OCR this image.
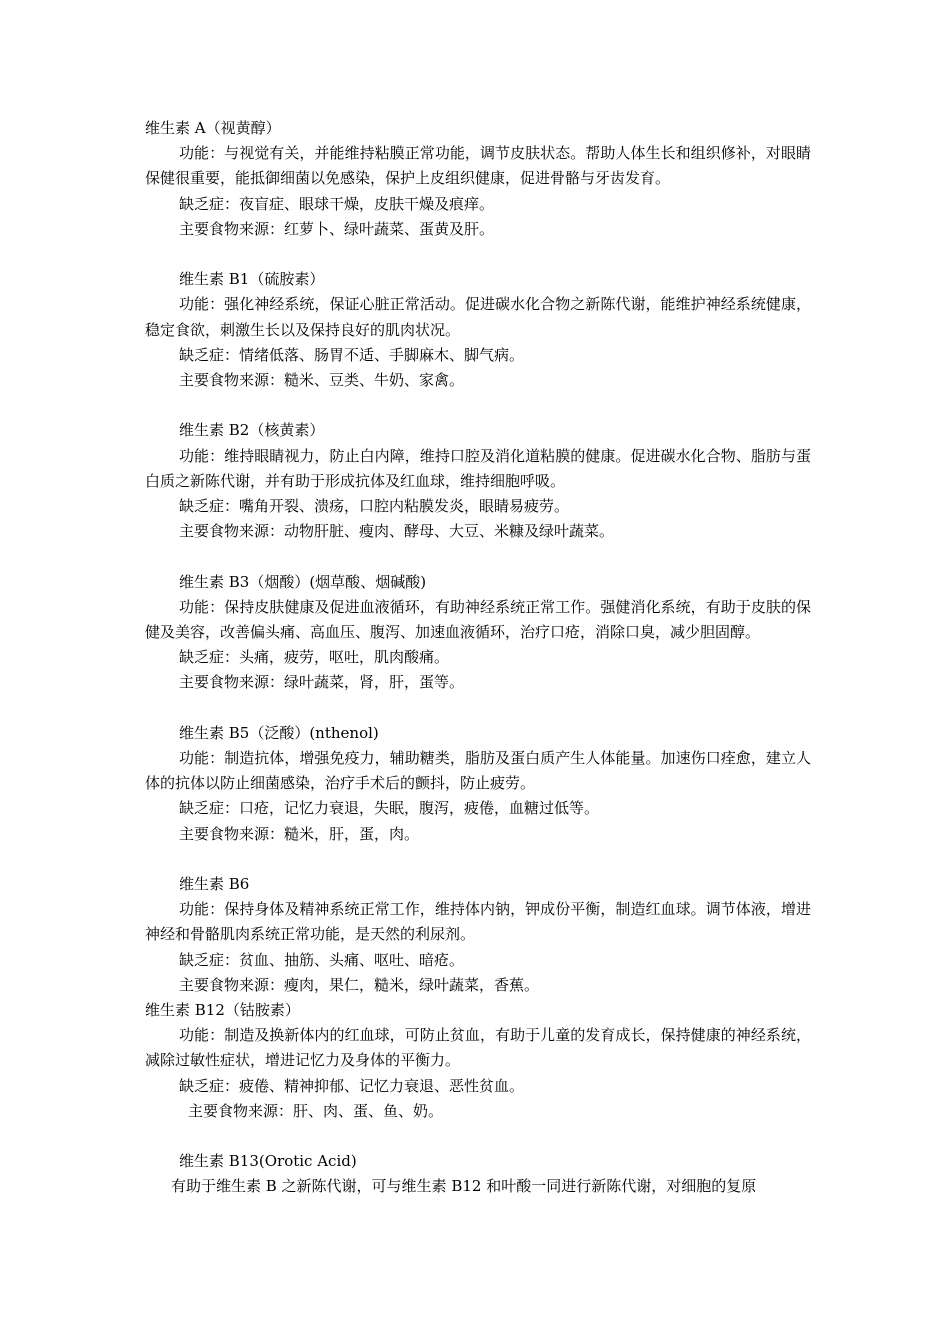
维生素 A（视黄醇）

功能：与视觉有关，并能维持粘膜正常功能，调节皮肤状态。帮助人体生长和组织修补，对眼睛保健很重要，能抵御细菌以免感染，保护上皮组织健康，促进骨骼与牙齿发育。

缺乏症：夜盲症、眼球干燥，皮肤干燥及痕痒。

主要食物来源：红萝卜、绿叶蔬菜、蛋黄及肝。

维生素 B1（硫胺素）

功能：强化神经系统，保证心脏正常活动。促进碳水化合物之新陈代谢，能维护神经系统健康，稳定食欲，刺激生长以及保持良好的肌肉状况。

缺乏症：情绪低落、肠胃不适、手脚麻木、脚气病。

主要食物来源：糙米、豆类、牛奶、家禽。

维生素 B2（核黄素）

功能：维持眼睛视力，防止白内障，维持口腔及消化道粘膜的健康。促进碳水化合物、脂肪与蛋白质之新陈代谢，并有助于形成抗体及红血球，维持细胞呼吸。

缺乏症：嘴角开裂、溃疡，口腔内粘膜发炎，眼睛易疲劳。

主要食物来源：动物肝脏、瘦肉、酵母、大豆、米糠及绿叶蔬菜。

维生素 B3（烟酸）(烟草酸、烟碱酸)

功能：保持皮肤健康及促进血液循环，有助神经系统正常工作。强健消化系统，有助于皮肤的保健及美容，改善偏头痛、高血压、腹泻、加速血液循环，治疗口疮，消除口臭，减少胆固醇。

缺乏症：头痛，疲劳，呕吐，肌肉酸痛。

主要食物来源：绿叶蔬菜，肾，肝，蛋等。

维生素 B5（泛酸）(nthenol)

功能：制造抗体，增强免疫力，辅助糖类，脂肪及蛋白质产生人体能量。加速伤口痊愈，建立人体的抗体以防止细菌感染，治疗手术后的颤抖，防止疲劳。

缺乏症：口疮，记忆力衰退，失眠，腹泻，疲倦，血糖过低等。

主要食物来源：糙米，肝，蛋，肉。

维生素 B6

功能：保持身体及精神系统正常工作，维持体内钠，钾成份平衡，制造红血球。调节体液，增进神经和骨骼肌肉系统正常功能，是天然的利尿剂。

缺乏症：贫血、抽筋、头痛、呕吐、暗疮。

主要食物来源：瘦肉，果仁，糙米，绿叶蔬菜，香蕉。

维生素 B12（钴胺素）

功能：制造及换新体内的红血球，可防止贫血，有助于儿童的发育成长，保持健康的神经系统，减除过敏性症状，增进记忆力及身体的平衡力。

缺乏症：疲倦、精神抑郁、记忆力衰退、恶性贫血。

主要食物来源：肝、肉、蛋、鱼、奶。

维生素 B13(Orotic Acid)

有助于维生素 B 之新陈代谢，可与维生素 B12 和叶酸一同进行新陈代谢，对细胞的复原
